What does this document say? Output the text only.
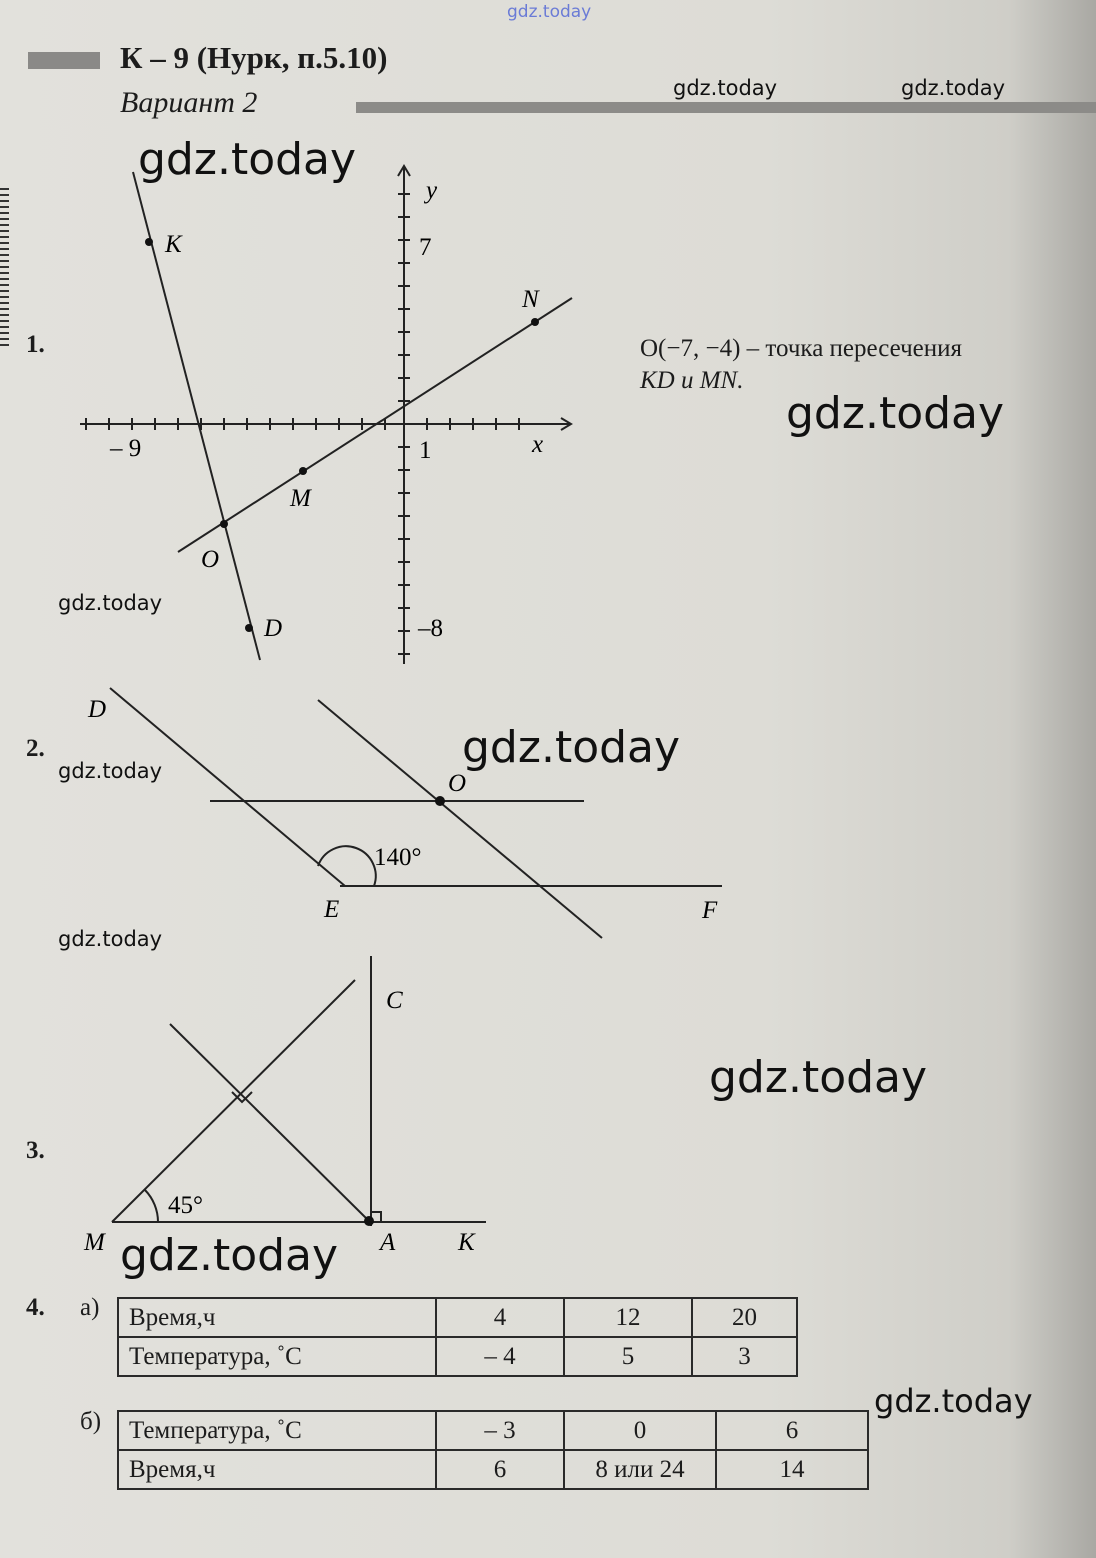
gdz.today
К – 9 (Нурк, п.5.10)
Вариант 2	gdz.today	gdz.today
1.
K
N
M
O
D
y
x
– 9	1
7
–8
O(−7, −4) – точка пересечения
KD и MN.
2.
D
O
E	F
140°
3.
C
M	A	K
45°
4. а) Время,ч	4	12	20
Температура, ˚С	– 4	5	3
б) Температура, ˚С	– 3	0	6
Время,ч	6	8 или 24	14
gdz.today
gdz.today
gdz.today
gdz.today
gdz.today
gdz.today
gdz.today
gdz.today
gdz.today
